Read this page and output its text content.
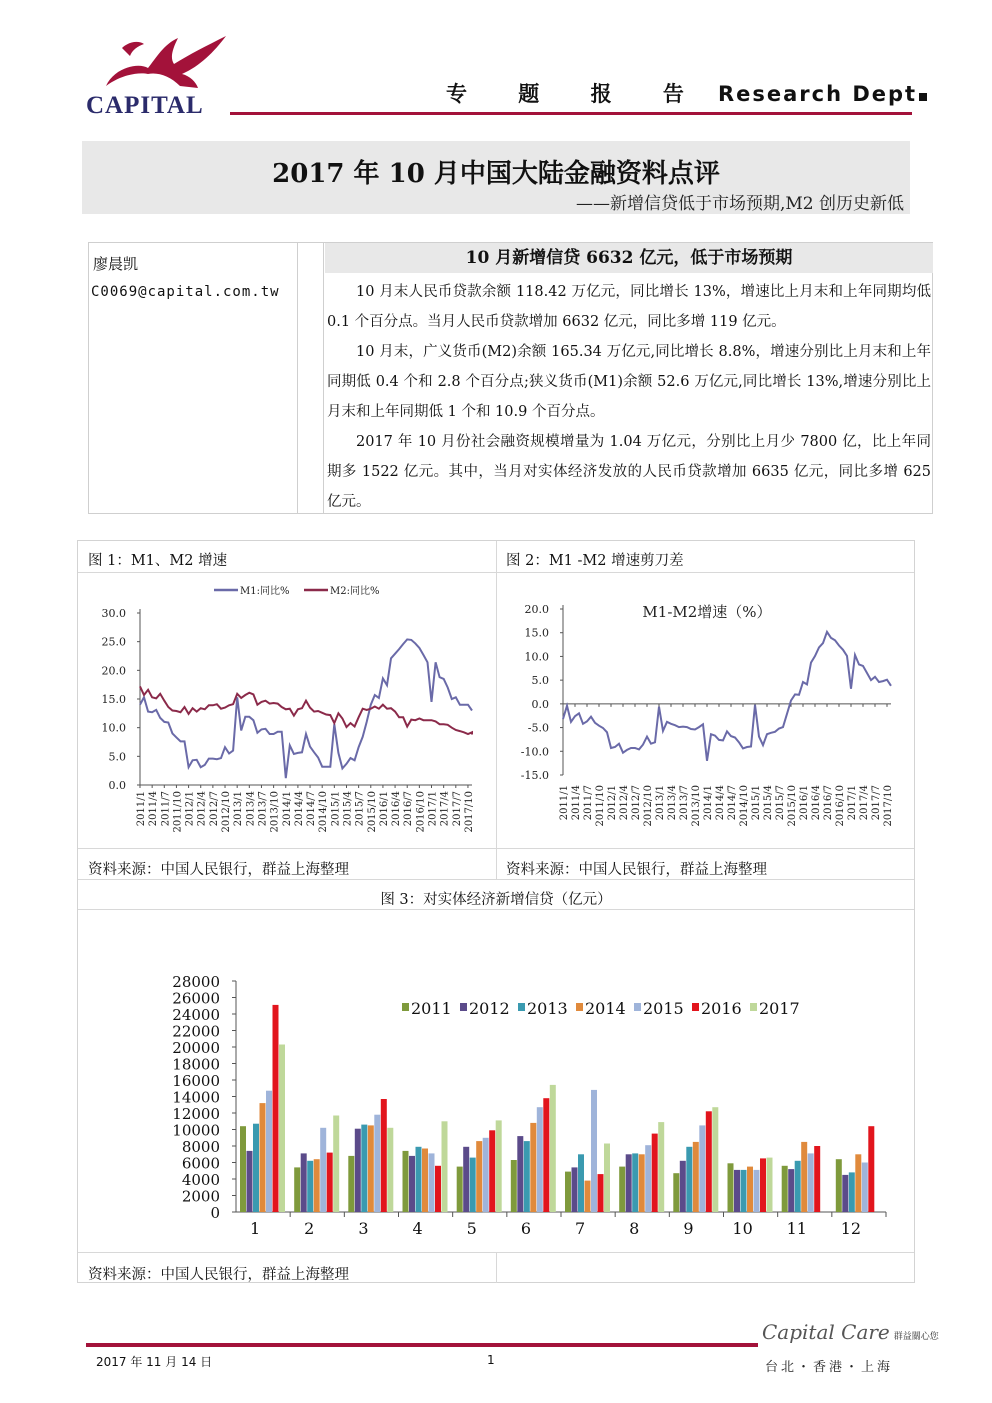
CAPITAL	专 题 报 告 Research Dept
2017 年 10 月中国大陆金融资料点评
——新增信贷低于市场预期,M2 创历史新低
廖晨凯
C0069@capital.com.tw
10 月新增信贷 6632 亿元，低于市场预期

10 月末人民币贷款余额 118.42 万亿元，同比增长 13%，增速比上月末和上年同期均低 0.1 个百分点。当月人民币贷款增加 6632 亿元，同比多增 119 亿元。

10 月末，广义货币(M2)余额 165.34 万亿元,同比增长 8.8%，增速分别比上月末和上年同期低 0.4 个和 2.8 个百分点;狭义货币(M1)余额 52.6 万亿元,同比增长 13%,增速分别比上月末和上年同期低 1 个和 10.9 个百分点。

2017 年 10 月份社会融资规模增量为 1.04 万亿元，分别比上月少 7800 亿，比上年同期多 1522 亿元。其中，当月对实体经济发放的人民币贷款增加 6635 亿元，同比多增 625 亿元。

图 1：M1、M2 增速	图 2：M1 -M2 增速剪刀差
资料来源：中国人民银行，群益上海整理	资料来源：中国人民银行，群益上海整理
图 3：对实体经济新增信贷（亿元）
资料来源：中国人民银行，群益上海整理
30.0
25.0
20.0
15.0
10.0
5.0
0.0
2011/1 2011/4 2011/7 2011/10 2012/1 2012/4 2012/7 2012/10 2013/1 2013/4 2013/7 2013/10 2014/1 2014/4 2014/7 2014/10 2015/1 2015/4 2015/7 2015/10 2016/1 2016/4 2016/7 2016/10 2017/1 2017/4 2017/7 2017/10
M1:同比%	M2:同比%
20.0
15.0
10.0
5.0
0.0
-5.0
-10.0
-15.0
2011/1 2011/4 2011/7 2011/10 2012/1 2012/4 2012/7 2012/10 2013/1 2013/4 2013/7 2013/10 2014/1 2014/4 2014/7 2014/10 2015/1 2015/4 2015/7 2015/10 2016/1 2016/4 2016/7 2016/10 2017/1 2017/4 2017/7 2017/10
M1-M2增速（%）
28000
26000
24000
22000
20000
18000
16000
14000
12000
10000
8000
6000
4000
2000
0
1	2	3	4	5	6	7	8	9 10 11 12
2011 2012 2013 2014 2015 2016 2017
2017 年 11 月 14 日	1
Capital Care 群益關心您
台北・香港・上海
